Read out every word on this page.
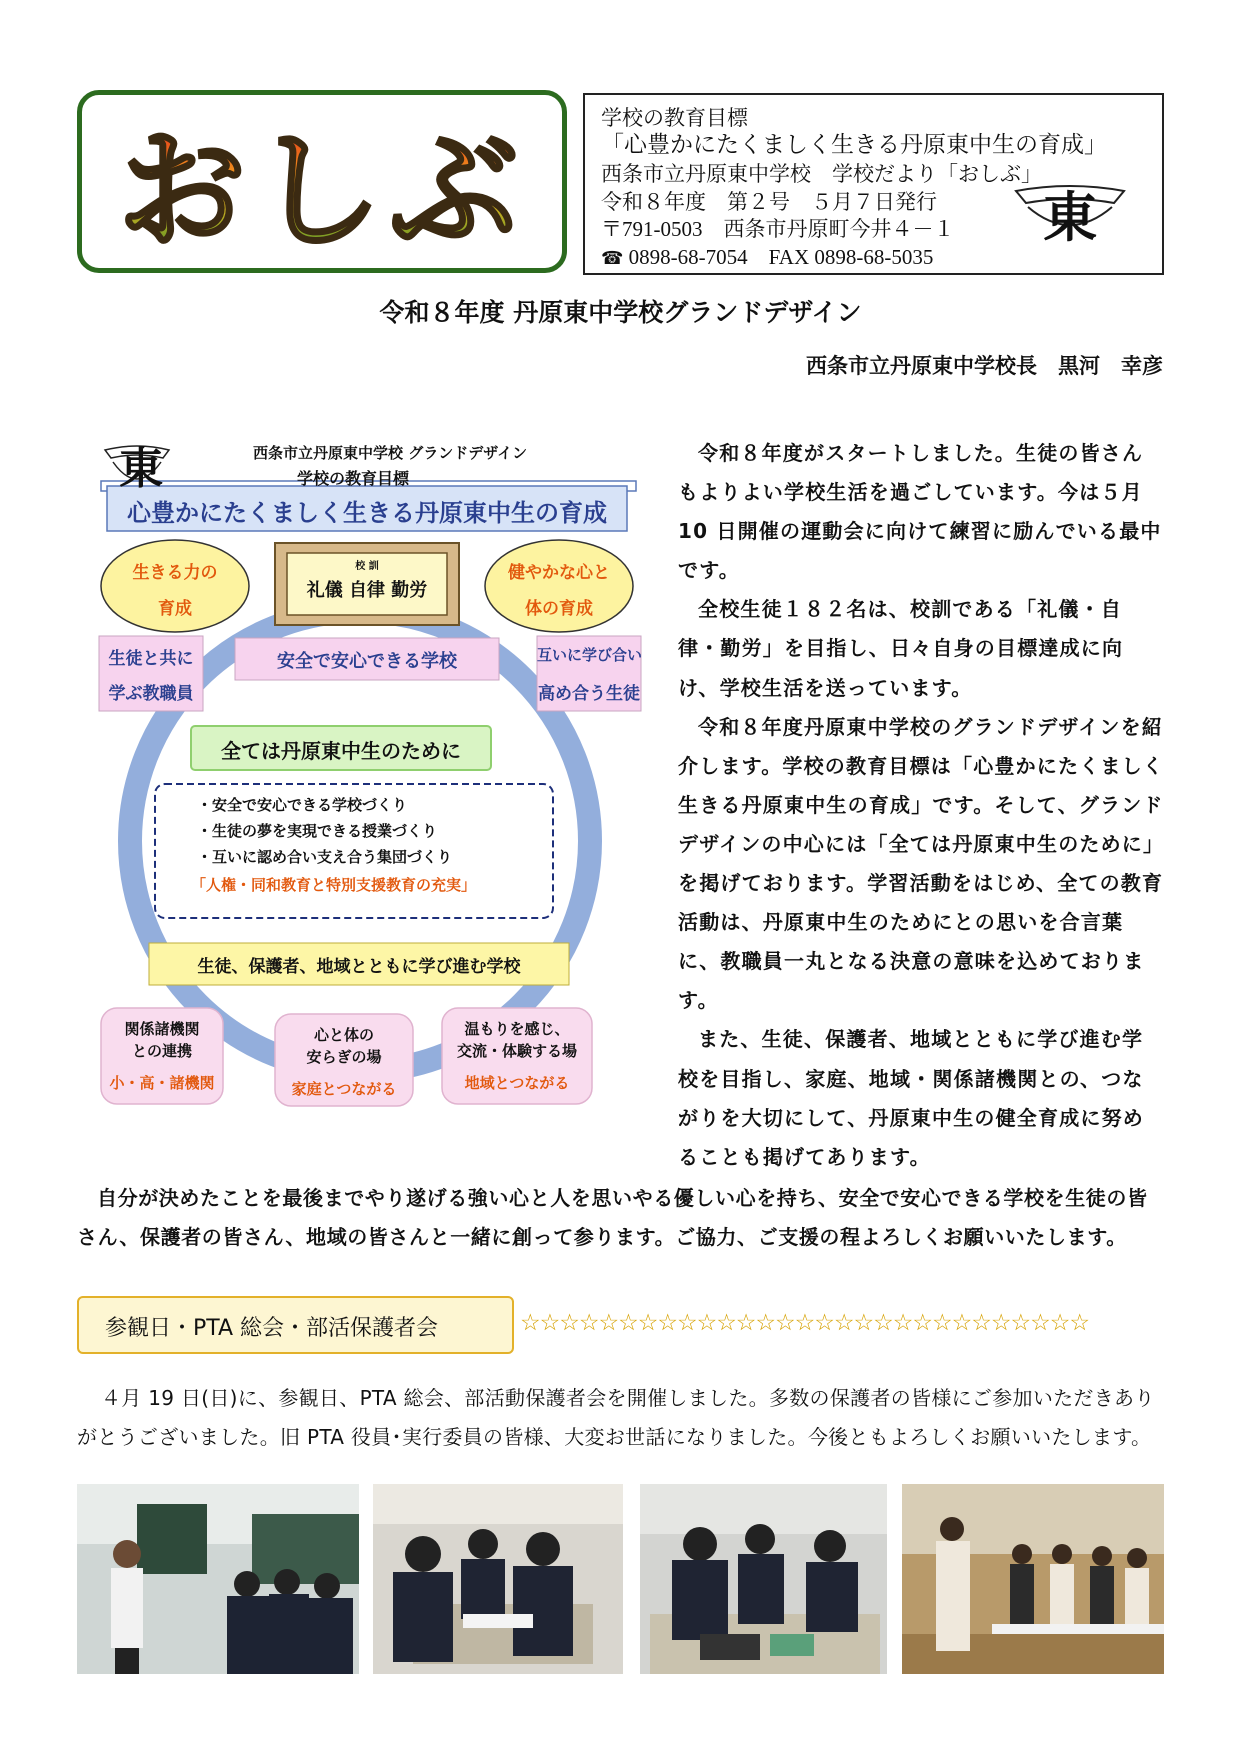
おしぶ	学校の教育目標
「心豊かにたくましく生きる丹原東中生の育成」
西条市立丹原東中学校　学校だより「おしぶ」
令和８年度　第２号　５月７日発行
〒791-0503　西条市丹原町今井４－１
☎ 0898-68-7054　FAX 0898-68-5035
東
令和８年度 丹原東中学校グランドデザイン
西条市立丹原東中学校長　黒河　幸彦
東	西条市立丹原東中学校 グランドデザイン
学校の教育目標
心豊かにたくましく生きる丹原東中生の育成
生きる力の
育成
健やかな心と
体の育成
校 訓
礼儀 自律 勤労
生徒と共に
学ぶ教職員
安全で安心できる学校	互いに学び合い
高め合う生徒
全ては丹原東中生のために
・安全で安心できる学校づくり
・生徒の夢を実現できる授業づくり
・互いに認め合い支え合う集団づくり
「人権・同和教育と特別支援教育の充実」
生徒、保護者、地域とともに学び進む学校
関係諸機関
との連携
小・高・諸機関
心と体の
安らぎの場
家庭とつながる
温もりを感じ、
交流・体験する場
地域とつながる

令和８年度がスタートしました。生徒の皆さんもよりよい学校生活を過ごしています。今は５月 10 日開催の運動会に向けて練習に励んでいる最中です。

全校生徒１８２名は、校訓である「礼儀・自律・勤労」を目指し、日々自身の目標達成に向け、学校生活を送っています。

令和８年度丹原東中学校のグランドデザインを紹介します。学校の教育目標は「心豊かにたくましく生きる丹原東中生の育成」です。そして、グランドデザインの中心には「全ては丹原東中生のために」を掲げております。学習活動をはじめ、全ての教育活動は、丹原東中生のためにとの思いを合言葉に、教職員一丸となる決意の意味を込めております。

また、生徒、保護者、地域とともに学び進む学校を目指し、家庭、地域・関係諸機関との、つながりを大切にして、丹原東中生の健全育成に努めることも掲げてあります。

自分が決めたことを最後までやり遂げる強い心と人を思いやる優しい心を持ち、安全で安心できる学校を生徒の皆さん、保護者の皆さん、地域の皆さんと一緒に創って参ります。ご協力、ご支援の程よろしくお願いいたします。

参観日・PTA 総会・部活保護者会	☆☆☆☆☆☆☆☆☆☆☆☆☆☆☆☆☆☆☆☆☆☆☆☆☆☆☆☆☆

４月 19 日(日)に、参観日、PTA 総会、部活動保護者会を開催しました。多数の保護者の皆様にご参加いただきありがとうございました。旧 PTA 役員･実行委員の皆様、大変お世話になりました。今後ともよろしくお願いいたします。
